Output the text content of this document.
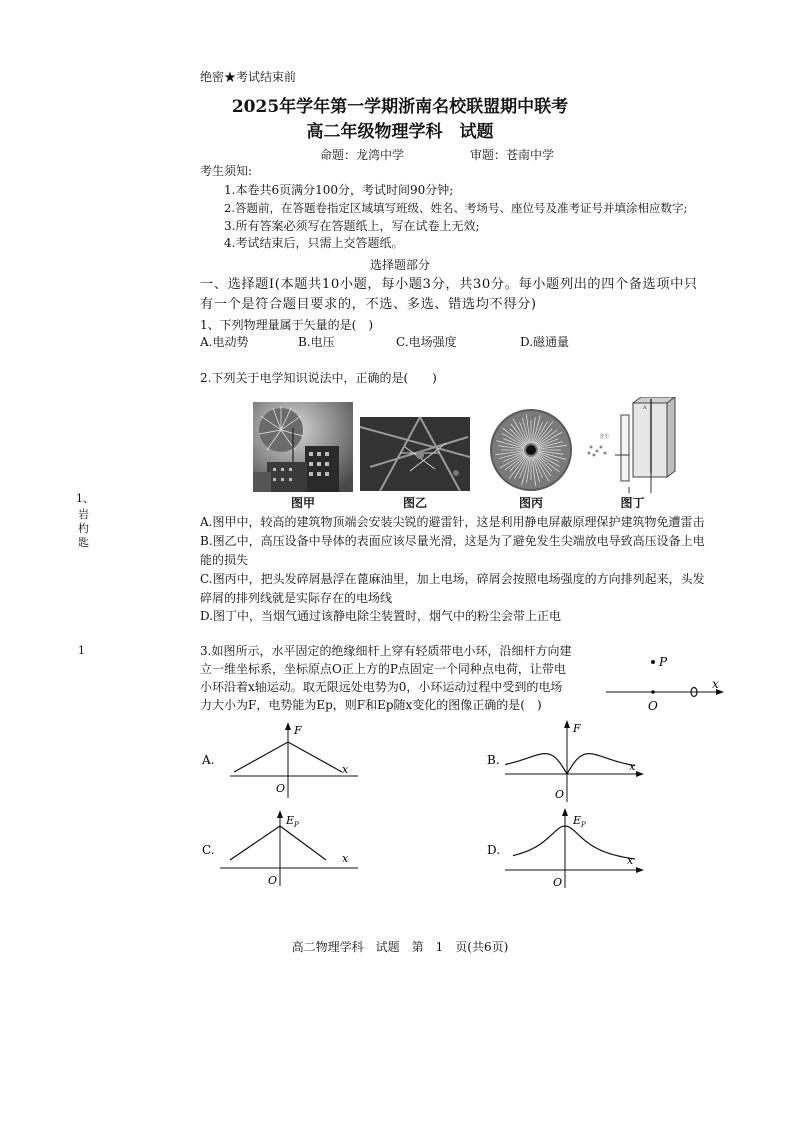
绝密★考试结束前
2025年学年第一学期浙南名校联盟期中联考
高二年级物理学科　试题
命题：龙湾中学	审题：苍南中学
考生须知:
1.本卷共6页满分100分，考试时间90分钟;
2.答题前，在答题卷指定区域填写班级、姓名、考场号、座位号及准考证号并填涂相应数字;
3.所有答案必须写在答题纸上，写在试卷上无效;
4.考试结束后，只需上交答题纸。
选择题部分
一、选择题I(本题共10小题，每小题3分，共30分。每小题列出的四个备选项中只
有一个是符合题目要求的，不选、多选、错选均不得分)
1、下列物理量属于矢量的是(　)
A.电动势	B.电压	C.电场强度	D.磁通量
2.下列关于电学知识说法中，正确的是(　　)
图甲	图乙	图丙
含尘
A
图丁
A.图甲中，较高的建筑物顶端会安装尖锐的避雷针，这是利用静电屏蔽原理保护建筑物免遭雷击
B.图乙中，高压设备中导体的表面应该尽量光滑，这是为了避免发生尖端放电导致高压设备上电
能的损失
C.图丙中，把头发碎屑悬浮在蓖麻油里，加上电场，碎屑会按照电场强度的方向排列起来，头发
碎屑的排列线就是实际存在的电场线
D.图丁中，当烟气通过该静电除尘装置时，烟气中的粉尘会带上正电
3.如图所示，水平固定的绝缘细杆上穿有轻质带电小环，沿细杆方向建
立一维坐标系，坐标原点O正上方的P点固定一个同种点电荷，让带电
小环沿着x轴运动。取无限远处电势为0，小环运动过程中受到的电场
力大小为F，电势能为Ep，则F和Ep随x变化的图像正确的是(　)
P
x
O
A.
F
x
O
B.
F
x
O
C.
E P
x
O
D.
E P
x
O
1、
岩
杓
匙
1
高二物理学科　试题　第　1　页(共6页)
